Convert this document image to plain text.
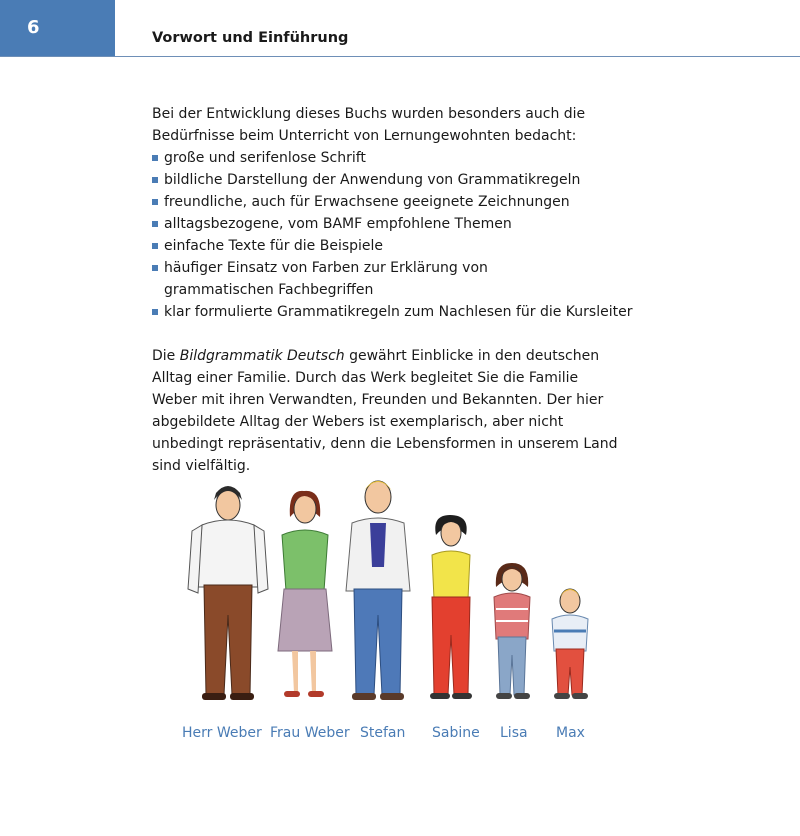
6	Vorwort und Einführung

Bei der Entwicklung dieses Buchs wurden besonders auch die
Bedürfnisse beim Unterricht von Lernungewohnten bedacht:

große und serifenlose Schrift
bildliche Darstellung der Anwendung von Grammatikregeln
freundliche, auch für Erwachsene geeignete Zeichnungen
alltagsbezogene, vom BAMF empfohlene Themen
einfache Texte für die Beispiele
häufiger Einsatz von Farben zur Erklärung von grammatischen Fachbegriffen
klar formulierte Grammatikregeln zum Nachlesen für die Kursleiter

Die Bildgrammatik Deutsch gewährt Einblicke in den deutschen Alltag einer Familie. Durch das Werk begleitet Sie die Familie Weber mit ihren Verwandten, Freunden und Bekannten. Der hier abgebildete Alltag der Webers ist exemplarisch, aber nicht unbedingt repräsentativ, denn die Lebensformen in unserem Land sind vielfältig.

Herr Weber Frau Weber Stefan Sabine Lisa Max
